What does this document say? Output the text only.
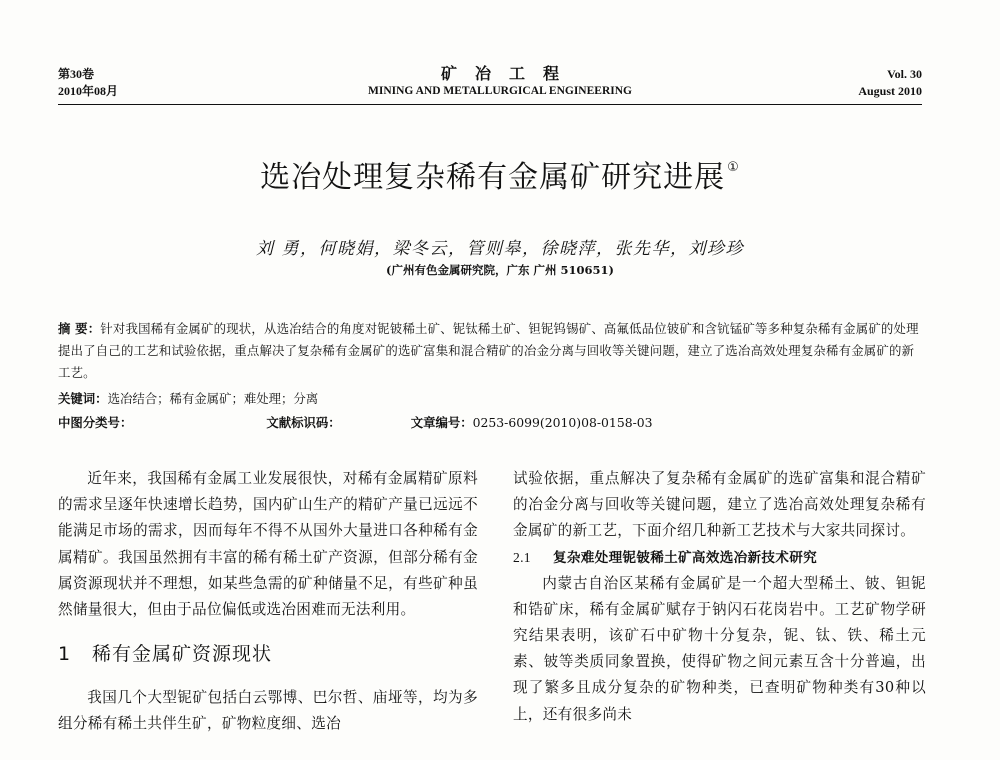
第30卷
2010年08月
矿冶工程
MINING AND METALLURGICAL ENGINEERING
Vol. 30
August 2010
选冶处理复杂稀有金属矿研究进展 ①
刘 勇，何晓娟，梁冬云，管则皋，徐晓萍，张先华，刘珍珍
(广州有色金属研究院，广东 广州 510651)
摘 要：针对我国稀有金属矿的现状，从选冶结合的角度对铌铍稀土矿、铌钛稀土矿、钽铌钨锡矿、高氟低品位铍矿和含钪锰矿等多种复杂稀有金属矿的处理提出了自己的工艺和试验依据，重点解决了复杂稀有金属矿的选矿富集和混合精矿的冶金分离与回收等关键问题，建立了选冶高效处理复杂稀有金属矿的新工艺。
关键词：选冶结合；稀有金属矿；难处理；分离
中图分类号：	文献标识码：	文章编号：0253-6099(2010)08-0158-03

近年来，我国稀有金属工业发展很快，对稀有金属精矿原料的需求呈逐年快速增长趋势，国内矿山生产的精矿产量已远远不能满足市场的需求，因而每年不得不从国外大量进口各种稀有金属精矿。我国虽然拥有丰富的稀有稀土矿产资源，但部分稀有金属资源现状并不理想，如某些急需的矿种储量不足，有些矿种虽然储量很大，但由于品位偏低或选冶困难而无法利用。

1 稀有金属矿资源现状

我国几个大型铌矿包括白云鄂博、巴尔哲、庙垭等，均为多组分稀有稀土共伴生矿，矿物粒度细、选冶

试验依据，重点解决了复杂稀有金属矿的选矿富集和混合精矿的冶金分离与回收等关键问题，建立了选冶高效处理复杂稀有金属矿的新工艺，下面介绍几种新工艺技术与大家共同探讨。

2.1 复杂难处理铌铍稀土矿高效选冶新技术研究

内蒙古自治区某稀有金属矿是一个超大型稀土、铍、钽铌和锆矿床，稀有金属矿赋存于钠闪石花岗岩中。工艺矿物学研究结果表明，该矿石中矿物十分复杂，铌、钛、铁、稀土元素、铍等类质同象置换，使得矿物之间元素互含十分普遍，出现了繁多且成分复杂的矿物种类，已查明矿物种类有30种以上，还有很多尚未
